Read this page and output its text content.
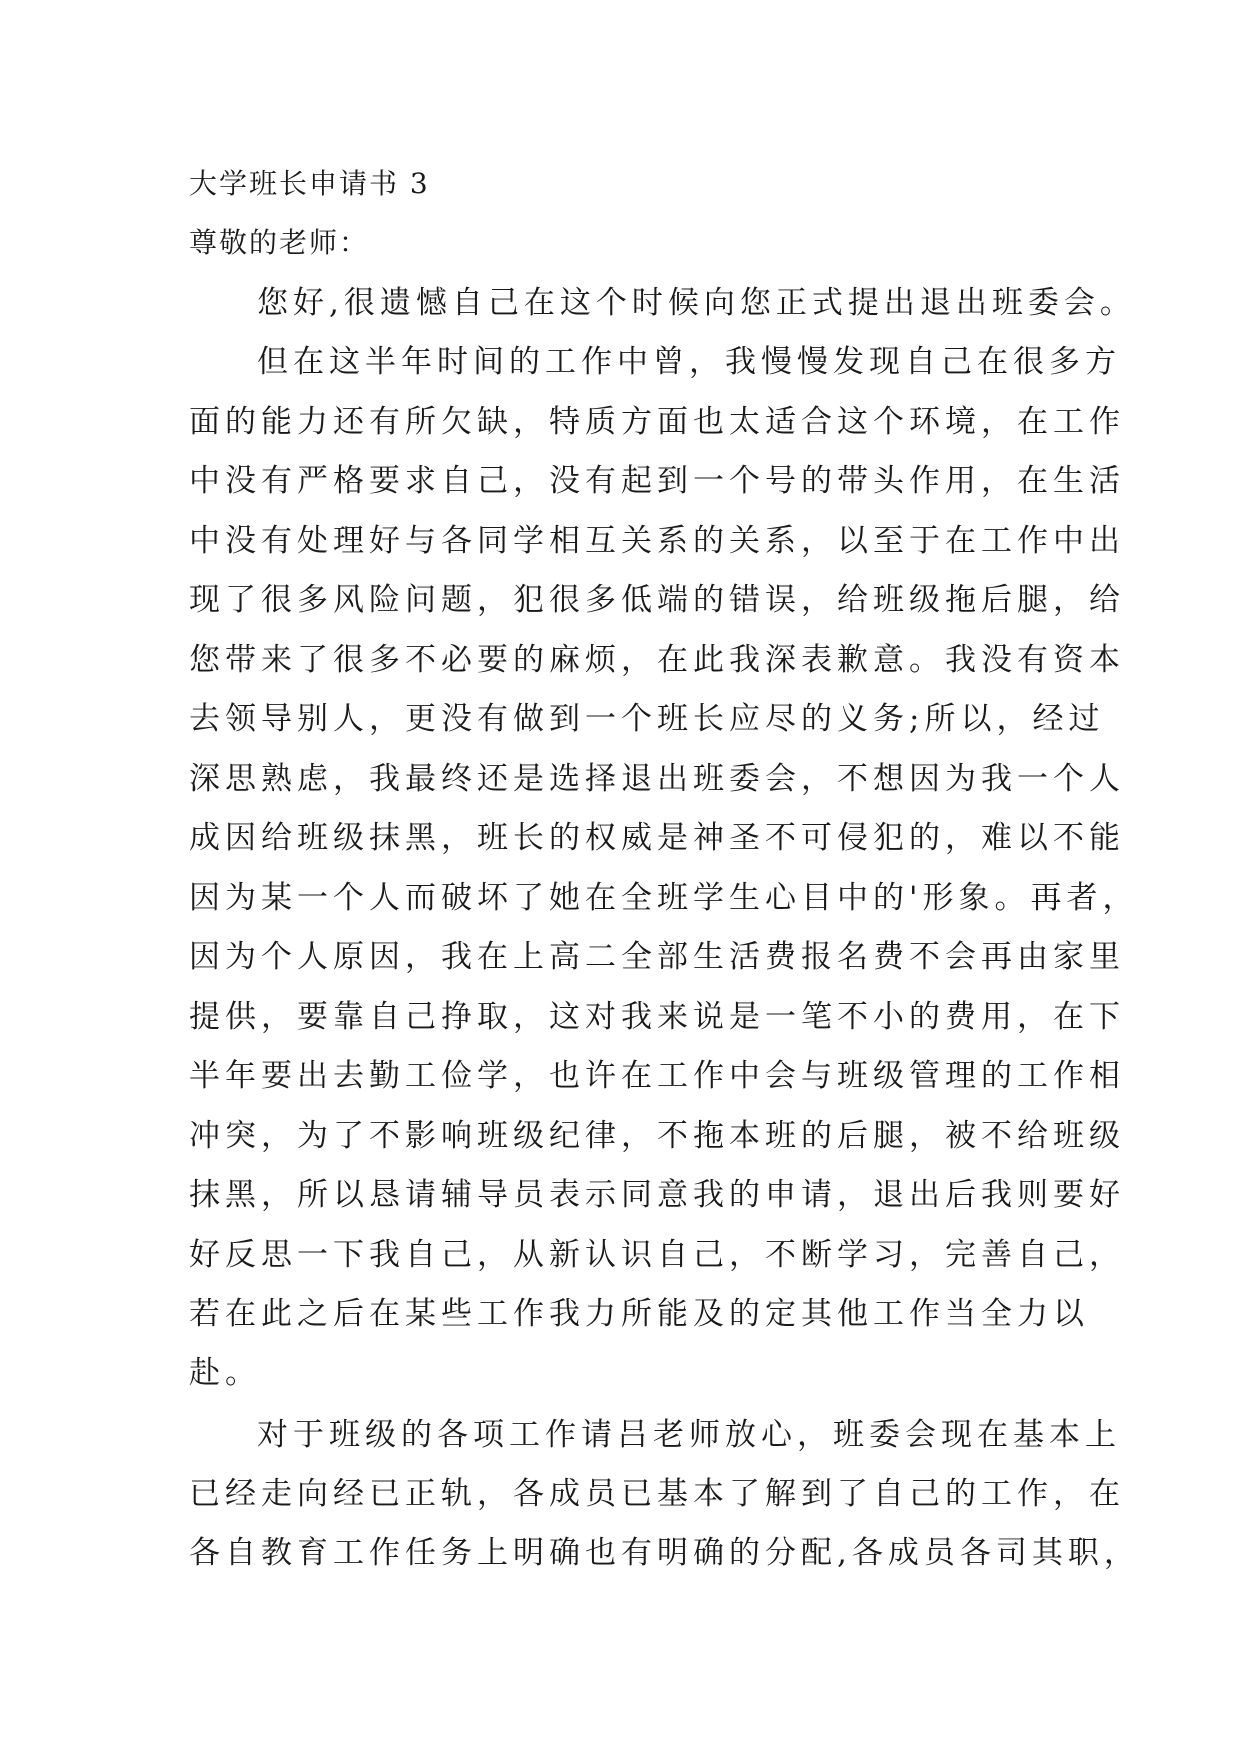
大学班长申请书 3
尊敬的老师：
您好,很遗憾自己在这个时候向您正式提出退出班委会。
但在这半年时间的工作中曾，我慢慢发现自己在很多方
面的能力还有所欠缺，特质方面也太适合这个环境，在工作
中没有严格要求自己，没有起到一个号的带头作用，在生活
中没有处理好与各同学相互关系的关系，以至于在工作中出
现了很多风险问题，犯很多低端的错误，给班级拖后腿，给
您带来了很多不必要的麻烦，在此我深表歉意。我没有资本
去领导别人，更没有做到一个班长应尽的义务;所以，经过
深思熟虑，我最终还是选择退出班委会，不想因为我一个人
成因给班级抹黑，班长的权威是神圣不可侵犯的，难以不能
因为某一个人而破坏了她在全班学生心目中的'形象。再者，
因为个人原因，我在上高二全部生活费报名费不会再由家里
提供，要靠自己挣取，这对我来说是一笔不小的费用，在下
半年要出去勤工俭学，也许在工作中会与班级管理的工作相
冲突，为了不影响班级纪律，不拖本班的后腿，被不给班级
抹黑，所以恳请辅导员表示同意我的申请，退出后我则要好
好反思一下我自己，从新认识自己，不断学习，完善自己，
若在此之后在某些工作我力所能及的定其他工作当全力以
赴。
对于班级的各项工作请吕老师放心，班委会现在基本上
已经走向经已正轨，各成员已基本了解到了自己的工作，在
各自教育工作任务上明确也有明确的分配,各成员各司其职，
